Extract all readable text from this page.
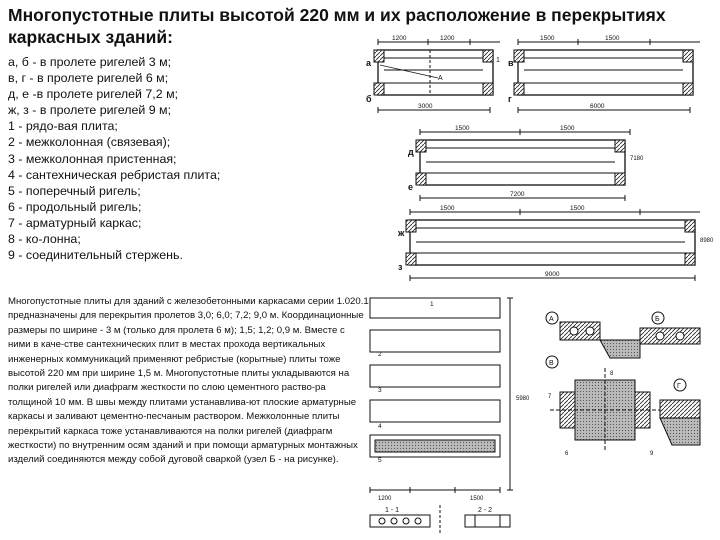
Многопустотные плиты высотой 220 мм и их расположение в перекрытиях каркасных зданий:
а, б - в пролете ригелей 3 м;
в, г - в пролете ригелей 6 м;
д, е -в пролете ригелей 7,2 м;
ж, з - в пролете ригелей 9 м;
1 - рядо-вая плита;
2 - межколонная (связевая);
3 - межколонная пристенная;
4 - сантехническая ребристая плита;
5 - поперечный ригель;
6 - продольный ригель;
7 - арматурный каркас;
8 - ко-лонна;
9 - соединительный стержень.

Многопустотные плиты для зданий с железобетонными каркасами серии 1.020.1 предназначены для перекрытия пролетов 3,0; 6,0; 7,2; 9,0 м. Координационные размеры по ширине - 3 м (только для пролета 6 м); 1,5; 1,2; 0,9 м. Вместе с ними в каче-стве сантехнических плит в местах прохода вертикальных инженерных коммуникаций применяют ребристые (корытные) плиты тоже высотой 220 мм при ширине 1,5 м. Многопустотные плиты укладываются на полки ригелей или диафрагм жесткости по слою цементного раство-ра толщиной 10 мм. В швы между плитами устанавлива-ют плоские арматурные каркасы и заливают цементно-песчаным раствором. Межколонные плиты перекрытий каркаса тоже устанавливаются на полки ригелей (диафрагм жесткости) по внутренним осям зданий и при помощи арматурных монтажных изделий соединяются между собой дуговой сваркой (узел Б - на рисунке).

1200	1200
3000
а
б
А
1
1500	1500
6000
в
г
1500	1500
7200
д
е
7180
1500	1500
9000
ж
з
8980
1
2
3
4
5
1200	1500
1 - 1	2 - 2
5980
А	Б
В
Г
7
8
9
6
